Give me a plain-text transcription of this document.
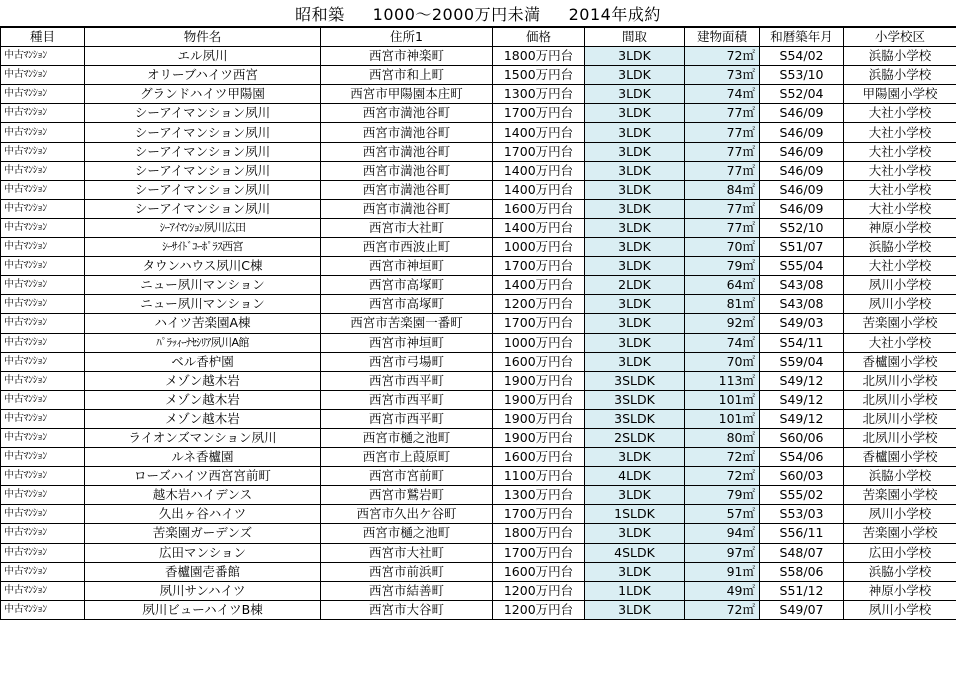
昭和築 1000～2000万円未満 2014年成約
種目	物件名	住所1	価格	間取	建物面積	和暦築年月	小学校区
中古ﾏﾝｼｮﾝ	エル夙川	西宮市神楽町	1800万円台	3LDK	72㎡	S54/02	浜脇小学校
中古ﾏﾝｼｮﾝ	オリーブハイツ西宮	西宮市和上町	1500万円台	3LDK	73㎡	S53/10	浜脇小学校
中古ﾏﾝｼｮﾝ	グランドハイツ甲陽園	西宮市甲陽園本庄町	1300万円台	3LDK	74㎡	S52/04	甲陽園小学校
中古ﾏﾝｼｮﾝ	シーアイマンション夙川	西宮市満池谷町	1700万円台	3LDK	77㎡	S46/09	大社小学校
中古ﾏﾝｼｮﾝ	シーアイマンション夙川	西宮市満池谷町	1400万円台	3LDK	77㎡	S46/09	大社小学校
中古ﾏﾝｼｮﾝ	シーアイマンション夙川	西宮市満池谷町	1700万円台	3LDK	77㎡	S46/09	大社小学校
中古ﾏﾝｼｮﾝ	シーアイマンション夙川	西宮市満池谷町	1400万円台	3LDK	77㎡	S46/09	大社小学校
中古ﾏﾝｼｮﾝ	シーアイマンション夙川	西宮市満池谷町	1400万円台	3LDK	84㎡	S46/09	大社小学校
中古ﾏﾝｼｮﾝ	シーアイマンション夙川	西宮市満池谷町	1600万円台	3LDK	77㎡	S46/09	大社小学校
中古ﾏﾝｼｮﾝ	ｼｰｱｲﾏﾝｼｮﾝ夙川広田	西宮市大社町	1400万円台	3LDK	77㎡	S52/10	神原小学校
中古ﾏﾝｼｮﾝ	ｼｰｻｲﾄﾞｺｰﾎﾟﾗｽ西宮	西宮市西波止町	1000万円台	3LDK	70㎡	S51/07	浜脇小学校
中古ﾏﾝｼｮﾝ	タウンハウス夙川C棟	西宮市神垣町	1700万円台	3LDK	79㎡	S55/04	大社小学校
中古ﾏﾝｼｮﾝ	ニュー夙川マンション	西宮市高塚町	1400万円台	2LDK	64㎡	S43/08	夙川小学校
中古ﾏﾝｼｮﾝ	ニュー夙川マンション	西宮市高塚町	1200万円台	3LDK	81㎡	S43/08	夙川小学校
中古ﾏﾝｼｮﾝ	ハイツ苦楽園A棟	西宮市苦楽園一番町	1700万円台	3LDK	92㎡	S49/03	苦楽園小学校
中古ﾏﾝｼｮﾝ	ﾊﾟﾗｯｨｰﾅｾｼﾘｱ夙川A館	西宮市神垣町	1000万円台	3LDK	74㎡	S54/11	大社小学校
中古ﾏﾝｼｮﾝ	ベル香枦園	西宮市弓場町	1600万円台	3LDK	70㎡	S59/04	香櫨園小学校
中古ﾏﾝｼｮﾝ	メゾン越木岩	西宮市西平町	1900万円台	3SLDK	113㎡	S49/12	北夙川小学校
中古ﾏﾝｼｮﾝ	メゾン越木岩	西宮市西平町	1900万円台	3SLDK	101㎡	S49/12	北夙川小学校
中古ﾏﾝｼｮﾝ	メゾン越木岩	西宮市西平町	1900万円台	3SLDK	101㎡	S49/12	北夙川小学校
中古ﾏﾝｼｮﾝ	ライオンズマンション夙川	西宮市樋之池町	1900万円台	2SLDK	80㎡	S60/06	北夙川小学校
中古ﾏﾝｼｮﾝ	ルネ香櫨園	西宮市上葭原町	1600万円台	3LDK	72㎡	S54/06	香櫨園小学校
中古ﾏﾝｼｮﾝ	ローズハイツ西宮宮前町	西宮市宮前町	1100万円台	4LDK	72㎡	S60/03	浜脇小学校
中古ﾏﾝｼｮﾝ	越木岩ハイデンス	西宮市鷲岩町	1300万円台	3LDK	79㎡	S55/02	苦楽園小学校
中古ﾏﾝｼｮﾝ	久出ヶ谷ハイツ	西宮市久出ケ谷町	1700万円台	1SLDK	57㎡	S53/03	夙川小学校
中古ﾏﾝｼｮﾝ	苦楽園ガーデンズ	西宮市樋之池町	1800万円台	3LDK	94㎡	S56/11	苦楽園小学校
中古ﾏﾝｼｮﾝ	広田マンション	西宮市大社町	1700万円台	4SLDK	97㎡	S48/07	広田小学校
中古ﾏﾝｼｮﾝ	香櫨園壱番館	西宮市前浜町	1600万円台	3LDK	91㎡	S58/06	浜脇小学校
中古ﾏﾝｼｮﾝ	夙川サンハイツ	西宮市結善町	1200万円台	1LDK	49㎡	S51/12	神原小学校
中古ﾏﾝｼｮﾝ	夙川ビューハイツB棟	西宮市大谷町	1200万円台	3LDK	72㎡	S49/07	夙川小学校
